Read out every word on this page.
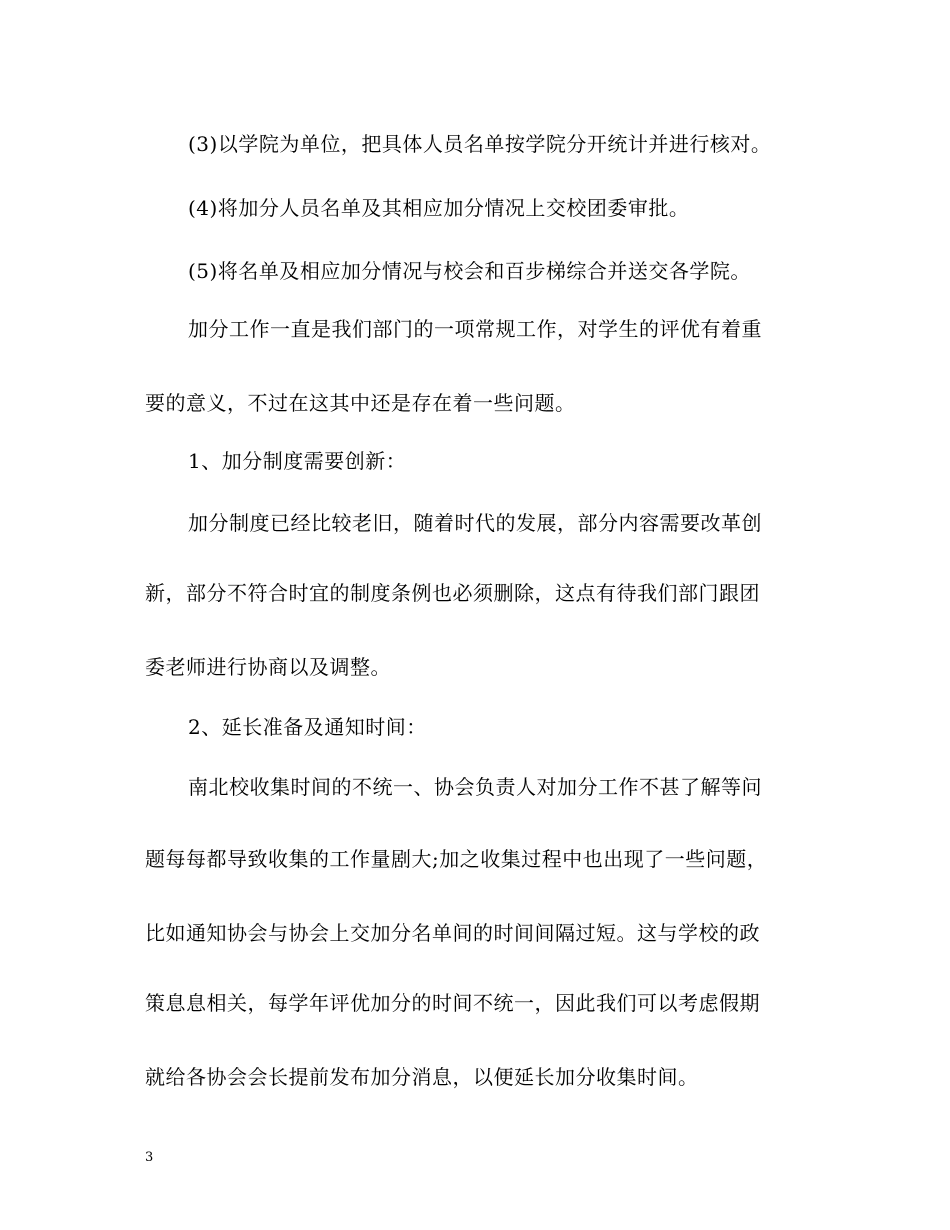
(3)以学院为单位，把具体人员名单按学院分开统计并进行核对。
(4)将加分人员名单及其相应加分情况上交校团委审批。
(5)将名单及相应加分情况与校会和百步梯综合并送交各学院。
加分工作一直是我们部门的一项常规工作，对学生的评优有着重
要的意义，不过在这其中还是存在着一些问题。
1、加分制度需要创新：
加分制度已经比较老旧，随着时代的发展，部分内容需要改革创
新，部分不符合时宜的制度条例也必须删除，这点有待我们部门跟团
委老师进行协商以及调整。
2、延长准备及通知时间：
南北校收集时间的不统一、协会负责人对加分工作不甚了解等问
题每每都导致收集的工作量剧大;加之收集过程中也出现了一些问题，
比如通知协会与协会上交加分名单间的时间间隔过短。这与学校的政
策息息相关，每学年评优加分的时间不统一，因此我们可以考虑假期
就给各协会会长提前发布加分消息，以便延长加分收集时间。
3
